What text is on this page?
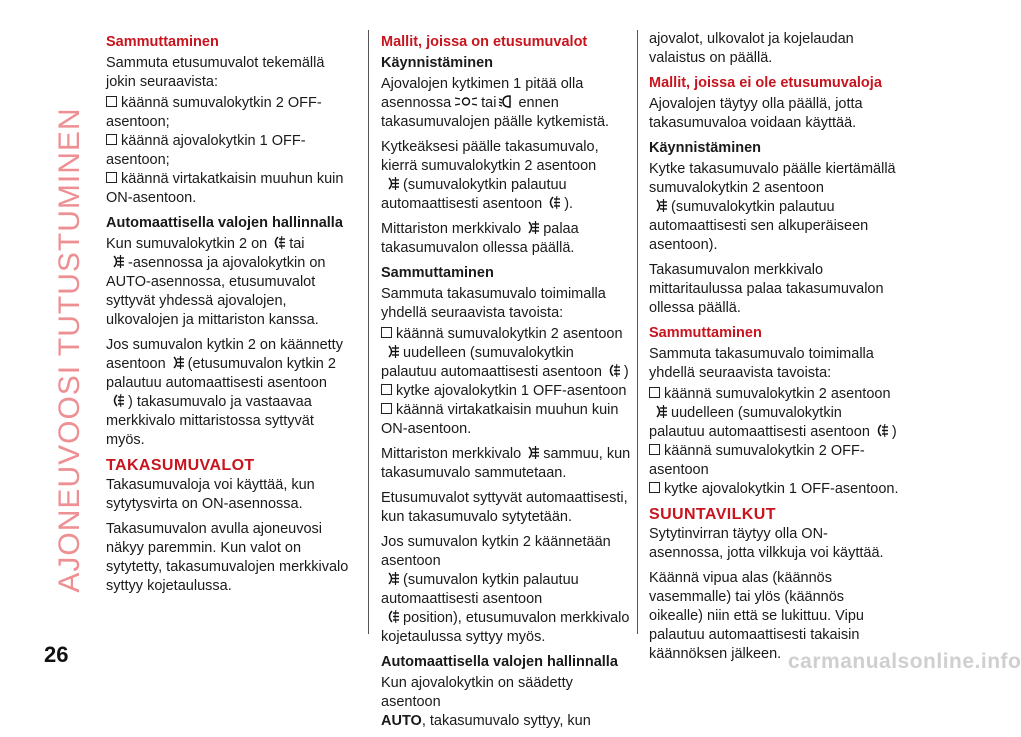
AJONEUVOOSI TUTUSTUMINEN
Sammuttaminen

Sammuta etusumuvalot tekemällä jokin seuraavista:

käännä sumuvalokytkin 2 OFF-asentoon;
käännä ajovalokytkin 1 OFF-asentoon;
käännä virtakatkaisin muuhun kuin ON-asentoon.
Automaattisella valojen hallinnalla

Kun sumuvalokytkin 2 on tai
-asennossa ja ajovalokytkin on AUTO-asennossa, etusumuvalot syttyvät yhdessä ajovalojen, ulkovalojen ja mittariston kanssa.

Jos sumuvalon kytkin 2 on käännetty asentoon (etusumuvalon kytkin 2 palautuu automaattisesti asentoon
) takasumuvalo ja vastaavaa merkkivalo mittaristossa syttyvät myös.

TAKASUMUVALOT

Takasumuvaloja voi käyttää, kun sytytysvirta on ON-asennossa.

Takasumuvalon avulla ajoneuvosi näkyy paremmin. Kun valot on sytytetty, takasumuvalojen merkkivalo syttyy kojetaulussa.

Mallit, joissa on etusumuvalot
Käynnistäminen

Ajovalojen kytkimen 1 pitää olla asennossa tai ennen takasumuvalojen päälle kytkemistä.

Kytkeäksesi päälle takasumuvalo, kierrä sumuvalokytkin 2 asentoon
(sumuvalokytkin palautuu automaattisesti asentoon ).

Mittariston merkkivalo palaa takasumuvalon ollessa päällä.

Sammuttaminen

Sammuta takasumuvalo toimimalla yhdellä seuraavista tavoista:

käännä sumuvalokytkin 2 asentoon
uudelleen (sumuvalokytkin palautuu automaattisesti asentoon )
kytke ajovalokytkin 1 OFF-asentoon
käännä virtakatkaisin muuhun kuin ON-asentoon.

Mittariston merkkivalo sammuu, kun takasumuvalo sammutetaan.

Etusumuvalot syttyvät automaattisesti, kun takasumuvalo sytytetään.

Jos sumuvalon kytkin 2 käännetään asentoon
(sumuvalon kytkin palautuu automaattisesti asentoon
position), etusumuvalon merkkivalo kojetaulussa syttyy myös.

Automaattisella valojen hallinnalla

Kun ajovalokytkin on säädetty asentoon
AUTO, takasumuvalo syttyy, kun

ajovalot, ulkovalot ja kojelaudan valaistus on päällä.

Mallit, joissa ei ole etusumuvaloja

Ajovalojen täytyy olla päällä, jotta takasumuvaloa voidaan käyttää.

Käynnistäminen

Kytke takasumuvalo päälle kiertämällä sumuvalokytkin 2 asentoon
(sumuvalokytkin palautuu automaattisesti sen alkuperäiseen asentoon).

Takasumuvalon merkkivalo mittaritaulussa palaa takasumuvalon ollessa päällä.

Sammuttaminen

Sammuta takasumuvalo toimimalla yhdellä seuraavista tavoista:

käännä sumuvalokytkin 2 asentoon
uudelleen (sumuvalokytkin palautuu automaattisesti asentoon )
käännä sumuvalokytkin 2 OFF-asentoon
kytke ajovalokytkin 1 OFF-asentoon.
SUUNTAVILKUT

Sytytinvirran täytyy olla ON-asennossa, jotta vilkkuja voi käyttää.

Käännä vipua alas (käännös vasemmalle) tai ylös (käännös oikealle) niin että se lukittuu. Vipu palautuu automaattisesti takaisin käännöksen jälkeen.

26	carmanualsonline.info
